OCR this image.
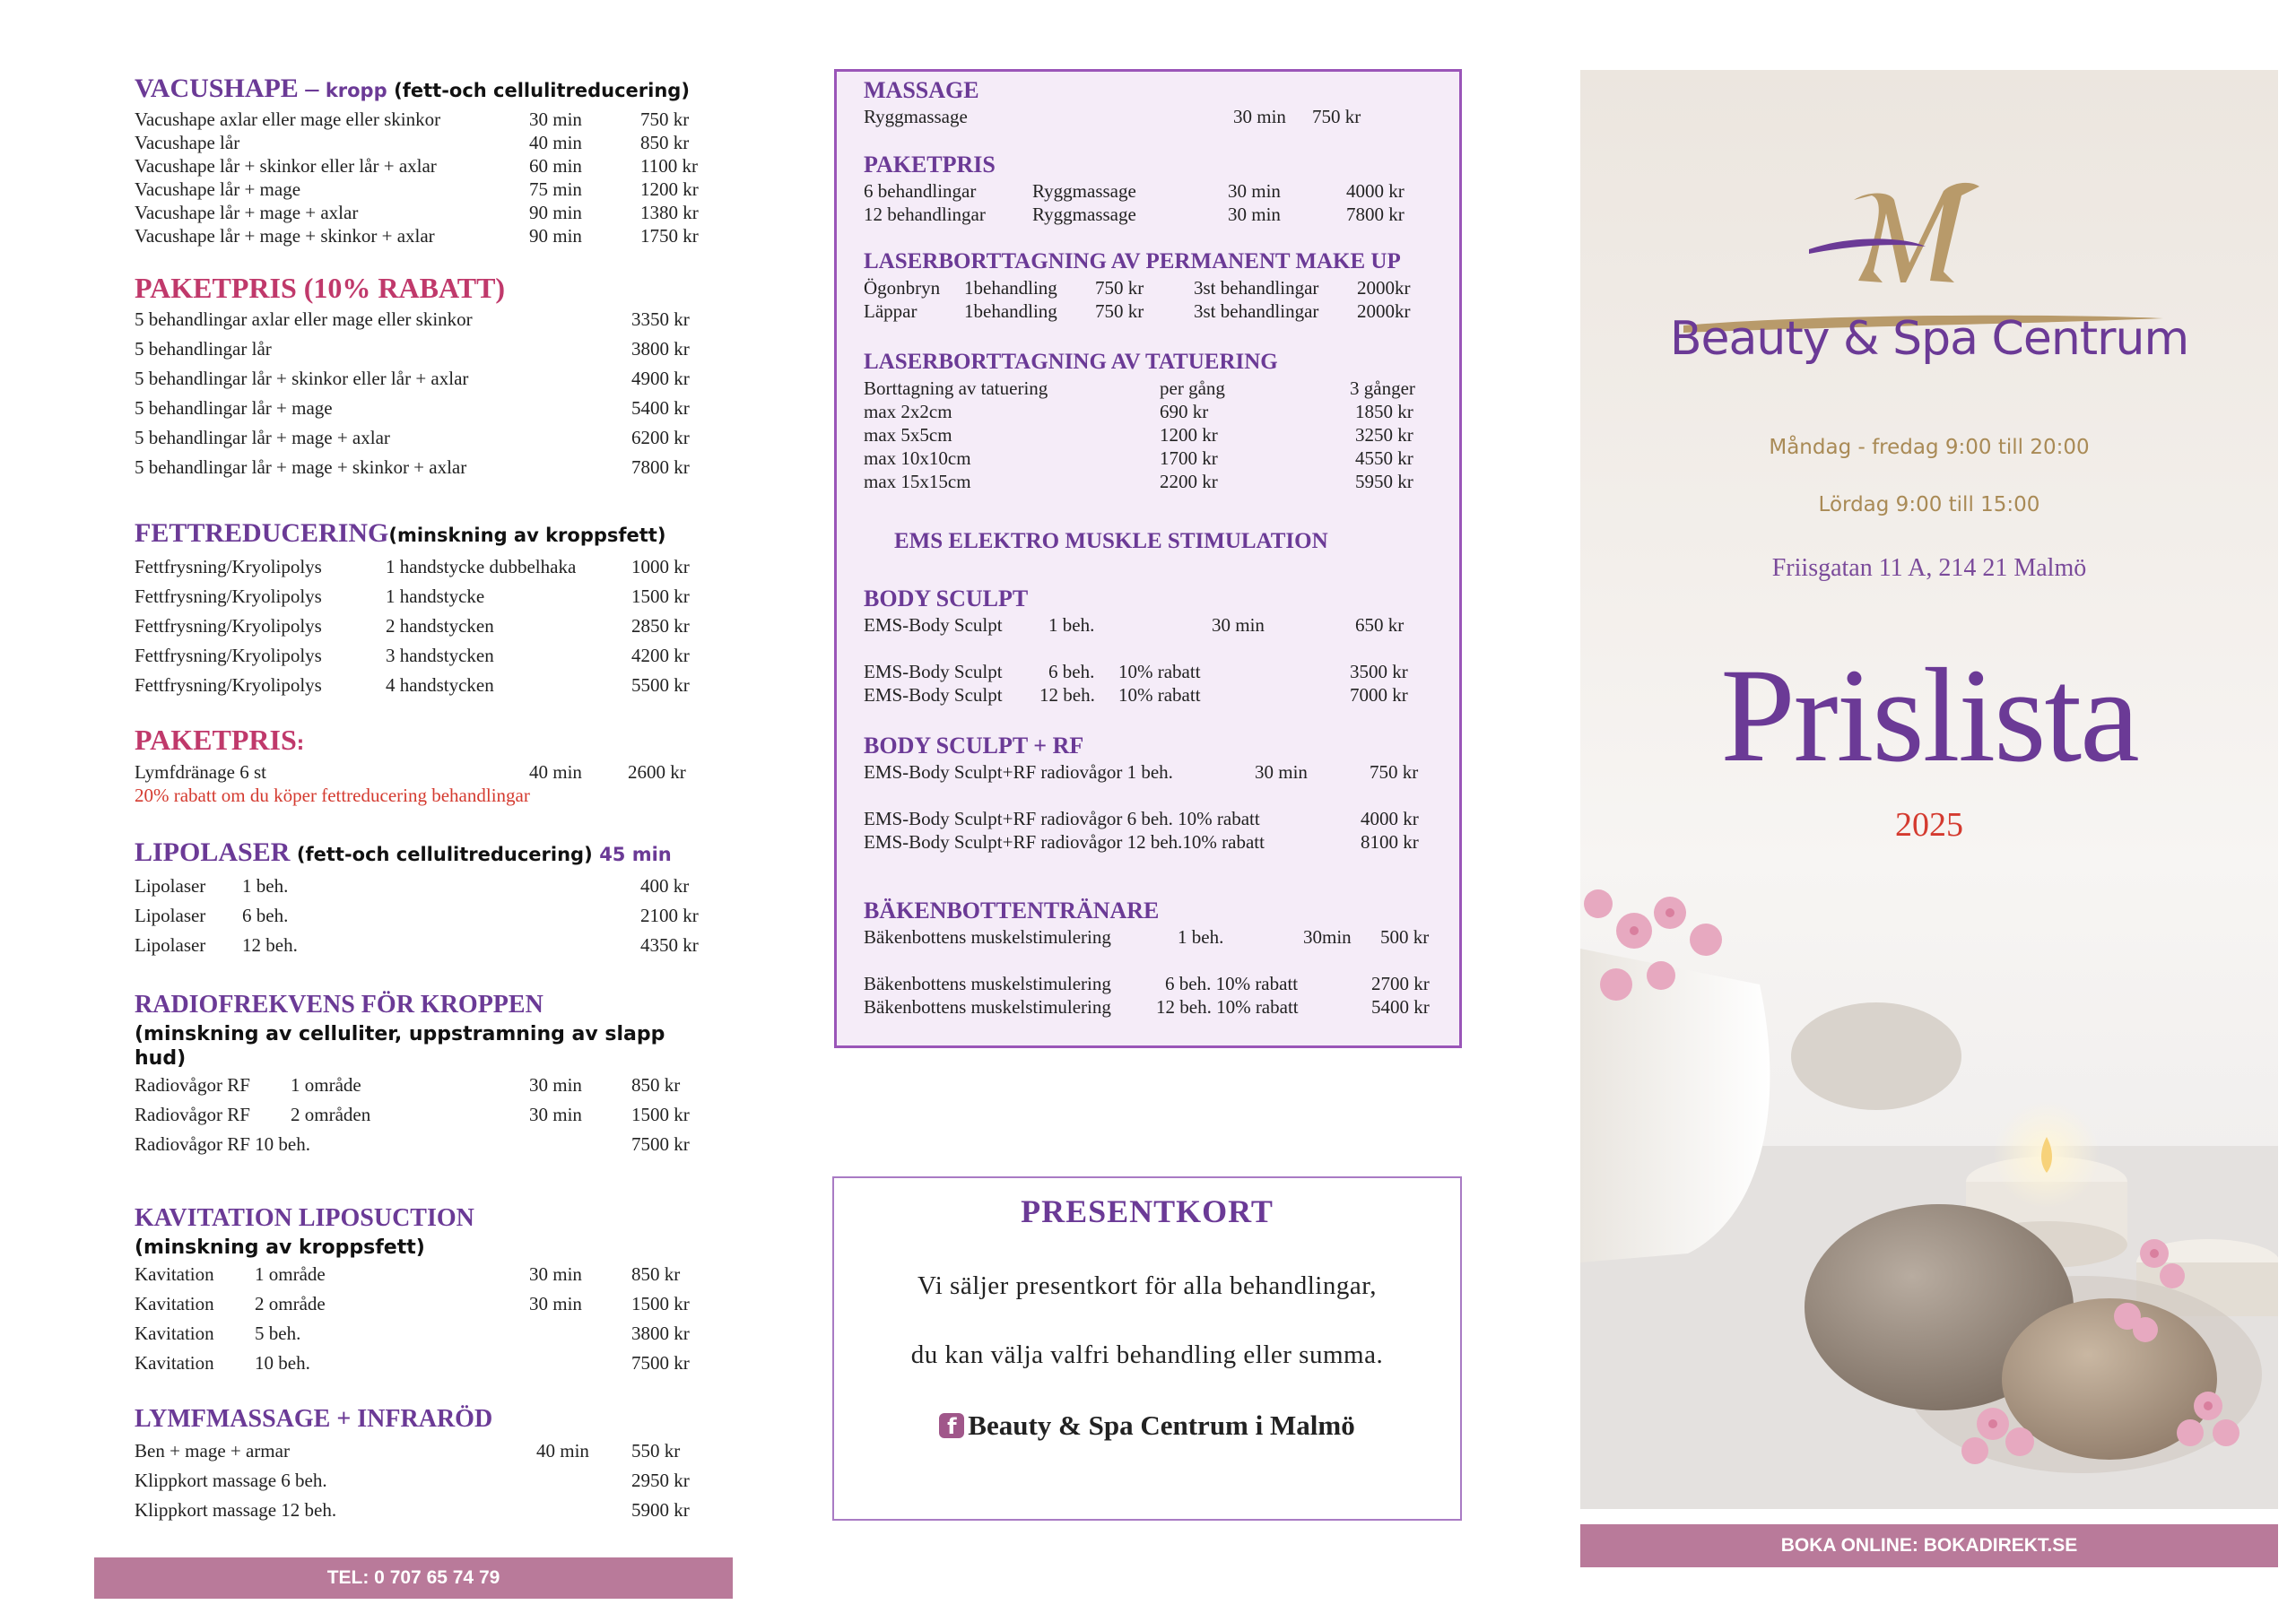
VACUSHAPE – kropp (fett-och cellulitreducering)
Vacushape axlar eller mage eller skinkor	30 min	750 kr
Vacushape lår	40 min	850 kr
Vacushape lår + skinkor eller lår + axlar	60 min	1100 kr
Vacushape lår + mage	75 min	1200 kr
Vacushape lår + mage + axlar	90 min	1380 kr
Vacushape lår + mage + skinkor + axlar	90 min	1750 kr
PAKETPRIS (10% RABATT)
5 behandlingar axlar eller mage eller skinkor	3350 kr
5 behandlingar lår	3800 kr
5 behandlingar lår + skinkor eller lår + axlar	4900 kr
5 behandlingar lår + mage	5400 kr
5 behandlingar lår + mage + axlar	6200 kr
5 behandlingar lår + mage + skinkor + axlar	7800 kr
FETTREDUCERING(minskning av kroppsfett)
Fettfrysning/Kryolipolys	1 handstycke dubbelhaka	1000 kr
Fettfrysning/Kryolipolys	1 handstycke	1500 kr
Fettfrysning/Kryolipolys	2 handstycken	2850 kr
Fettfrysning/Kryolipolys	3 handstycken	4200 kr
Fettfrysning/Kryolipolys	4 handstycken	5500 kr
PAKETPRIS:
Lymfdränage 6 st	40 min 2600 kr
20% rabatt om du köper fettreducering behandlingar
LIPOLASER (fett-och cellulitreducering) 45 min
Lipolaser 1 beh.	400 kr
Lipolaser 6 beh.	2100 kr
Lipolaser 12 beh.	4350 kr
RADIOFREKVENS FÖR KROPPEN
(minskning av celluliter, uppstramning av slapp
hud)
Radiovågor RF 1 område	30 min	850 kr
Radiovågor RF 2 områden	30 min	1500 kr
Radiovågor RF 10 beh.	7500 kr
KAVITATION LIPOSUCTION
(minskning av kroppsfett)
Kavitation 1 område	30 min	850 kr
Kavitation 2 område	30 min	1500 kr
Kavitation 5 beh.	3800 kr
Kavitation 10 beh.	7500 kr
LYMFMASSAGE + INFRARÖD
Ben + mage + armar	40 min 550 kr
Klippkort massage 6 beh.	2950 kr
Klippkort massage 12 beh.	5900 kr
TEL: 0 707 65 74 79
MASSAGE
Ryggmassage	30 min 750 kr
PAKETPRIS
6 behandlingar	Ryggmassage	30 min	4000 kr
12 behandlingar Ryggmassage	30 min	7800 kr
LASERBORTTAGNING AV PERMANENT MAKE UP
Ögonbryn 1behandling 750 kr	3st behandlingar 2000kr
Läppar	1behandling 750 kr	3st behandlingar 2000kr
LASERBORTTAGNING AV TATUERING
Borttagning av tatuering	per gång	3 gånger
max 2x2cm	690 kr	1850 kr
max 5x5cm	1200 kr	3250 kr
max 10x10cm	1700 kr	4550 kr
max 15x15cm	2200 kr	5950 kr
EMS ELEKTRO MUSKLE STIMULATION
BODY SCULPT
EMS-Body Sculpt 1 beh.	30 min	650 kr
EMS-Body Sculpt 6 beh. 10% rabatt	3500 kr
EMS-Body Sculpt 12 beh. 10% rabatt	7000 kr
BODY SCULPT + RF
EMS-Body Sculpt+RF radiovågor 1 beh.	30 min	750 kr
EMS-Body Sculpt+RF radiovågor 6 beh. 10% rabatt	4000 kr
EMS-Body Sculpt+RF radiovågor 12 beh.10% rabatt	8100 kr
BÄKENBOTTENTRÄNARE
Bäkenbottens muskelstimulering	1 beh.	30min 500 kr
Bäkenbottens muskelstimulering	6 beh. 10% rabatt	2700 kr
Bäkenbottens muskelstimulering 12 beh. 10% rabatt	5400 kr
PRESENTKORT
Vi säljer presentkort för alla behandlingar,
du kan välja valfri behandling eller summa.
f Beauty & Spa Centrum i Malmö
Beauty & Spa Centrum
Måndag - fredag 9:00 till 20:00
Lördag 9:00 till 15:00
Friisgatan 11 A, 214 21 Malmö
Prislista
2025
BOKA ONLINE: BOKADIREKT.SE
